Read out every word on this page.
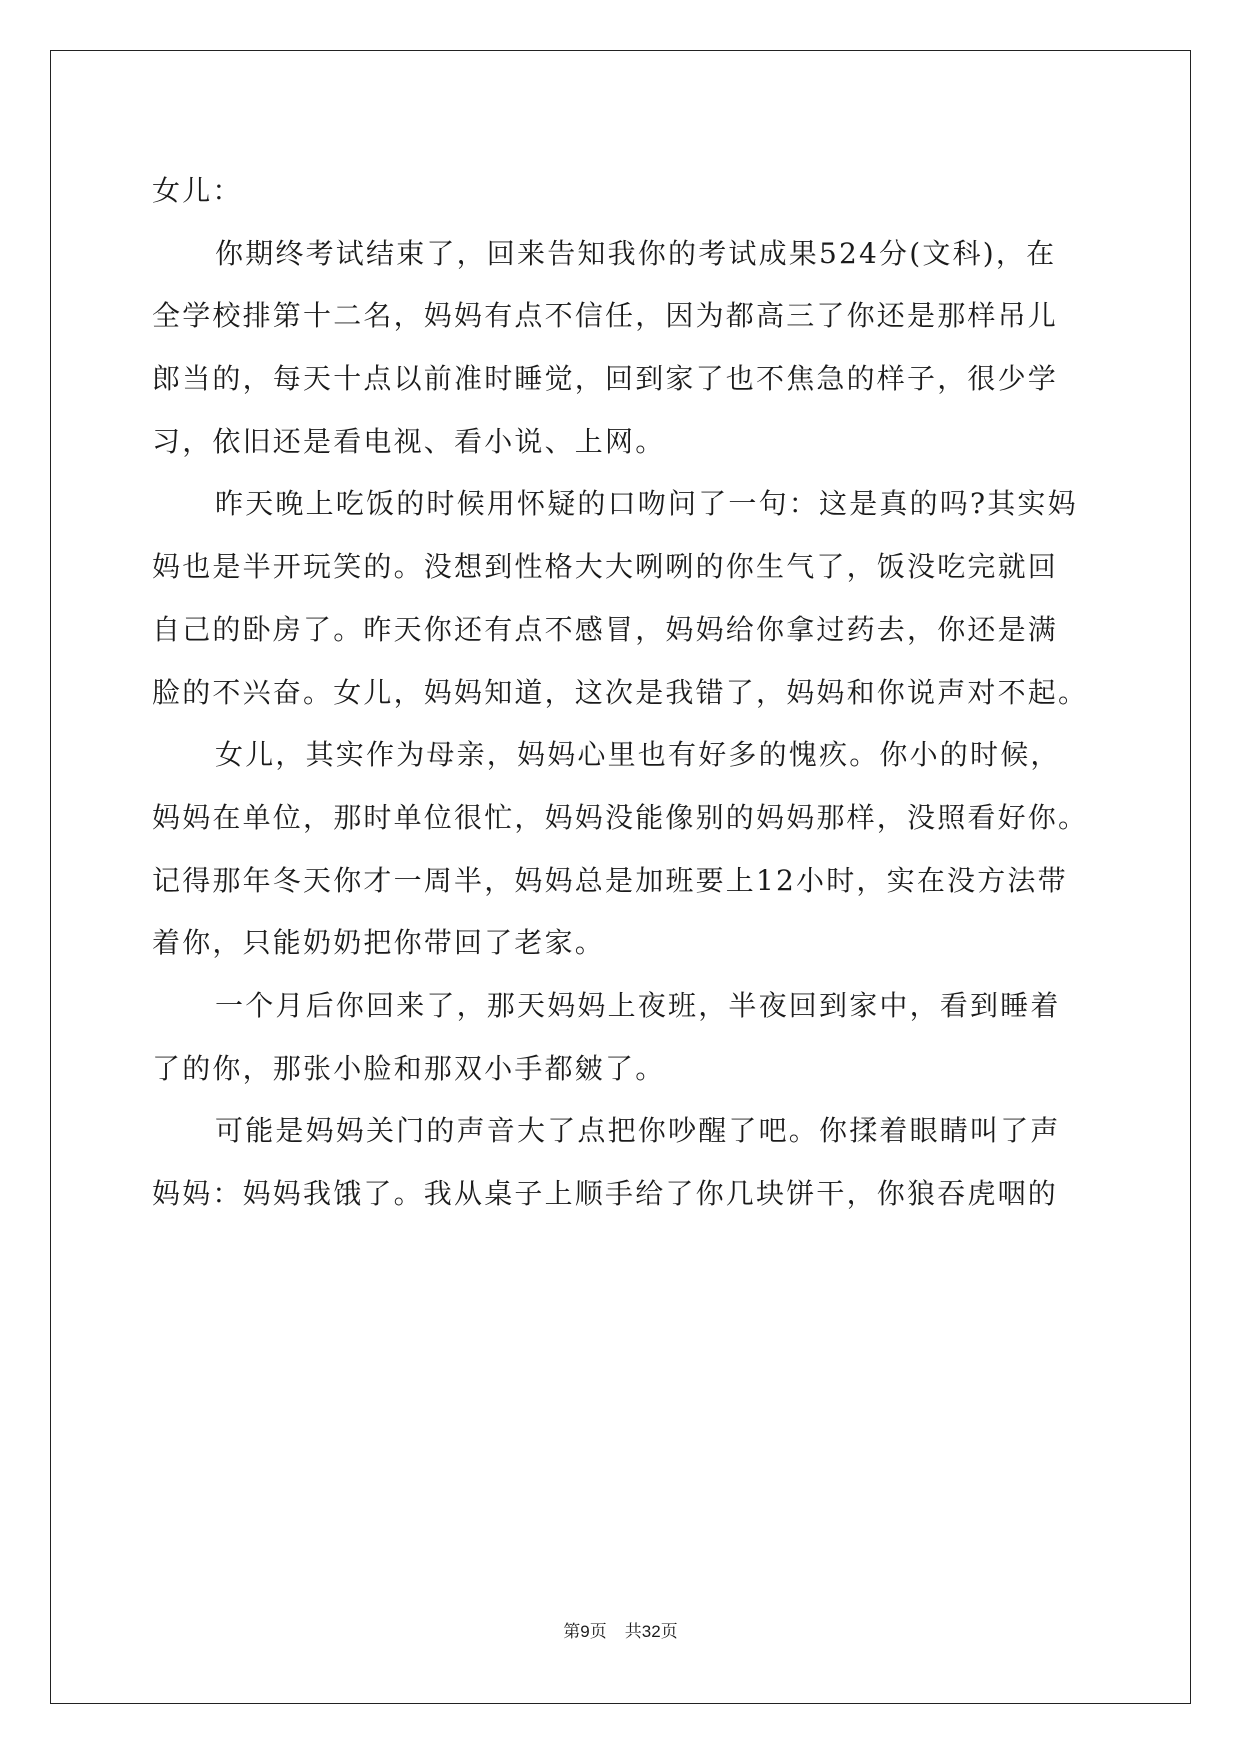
女儿：
你期终考试结束了，回来告知我你的考试成果524分(文科)，在
全学校排第十二名，妈妈有点不信任，因为都高三了你还是那样吊儿
郎当的，每天十点以前准时睡觉，回到家了也不焦急的样子，很少学
习，依旧还是看电视、看小说、上网。
昨天晚上吃饭的时候用怀疑的口吻问了一句：这是真的吗?其实妈
妈也是半开玩笑的。没想到性格大大咧咧的你生气了，饭没吃完就回
自己的卧房了。昨天你还有点不感冒，妈妈给你拿过药去，你还是满
脸的不兴奋。女儿，妈妈知道，这次是我错了，妈妈和你说声对不起。
女儿，其实作为母亲，妈妈心里也有好多的愧疚。你小的时候，
妈妈在单位，那时单位很忙，妈妈没能像别的妈妈那样，没照看好你。
记得那年冬天你才一周半，妈妈总是加班要上12小时，实在没方法带
着你，只能奶奶把你带回了老家。
一个月后你回来了，那天妈妈上夜班，半夜回到家中，看到睡着
了的你，那张小脸和那双小手都皴了。
可能是妈妈关门的声音大了点把你吵醒了吧。你揉着眼睛叫了声
妈妈：妈妈我饿了。我从桌子上顺手给了你几块饼干，你狼吞虎咽的
第9页 共32页
